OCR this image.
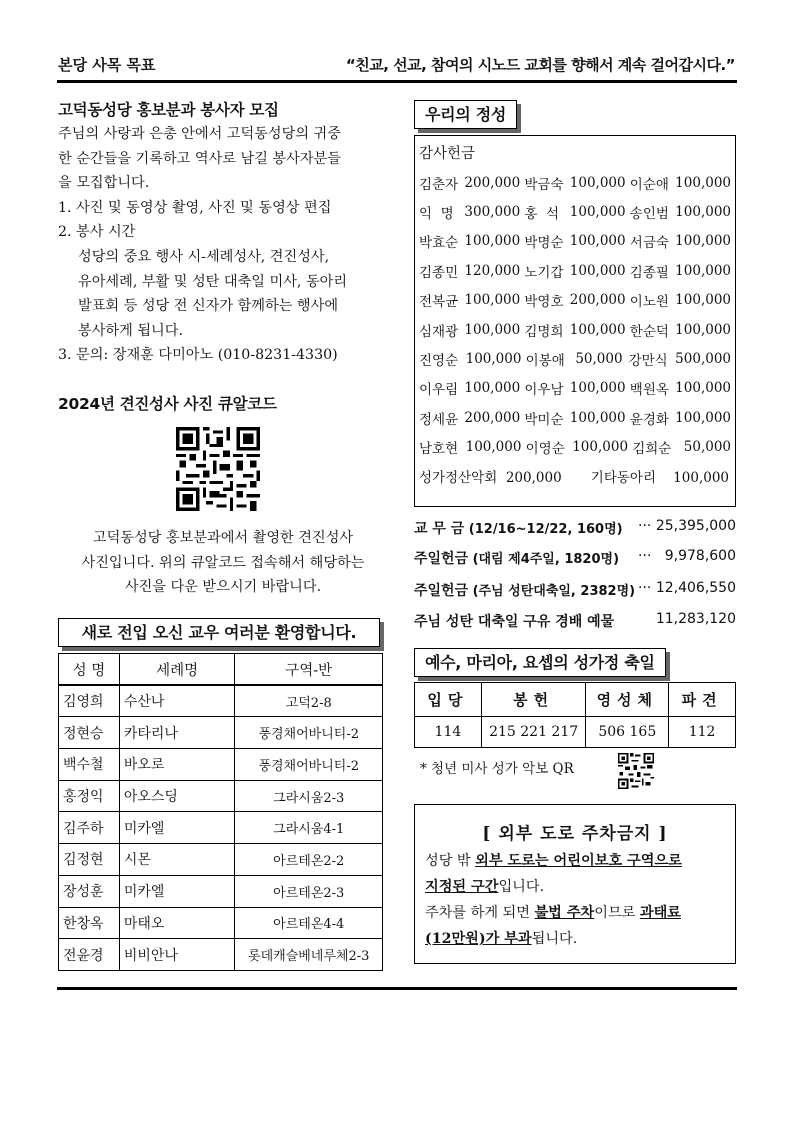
본당 사목 목표	“친교, 선교, 참여의 시노드 교회를 향해서 계속 걸어갑시다.”
고덕동성당 홍보분과 봉사자 모집
주님의 사랑과 은총 안에서 고덕동성당의 귀중
한 순간들을 기록하고 역사로 남길 봉사자분들
을 모집합니다.
1. 사진 및 동영상 촬영, 사진 및 동영상 편집
2. 봉사 시간
성당의 중요 행사 시-세례성사, 견진성사,
유아세례, 부활 및 성탄 대축일 미사, 동아리
발표회 등 성당 전 신자가 함께하는 행사에
봉사하게 됩니다.
3. 문의: 장재훈 다미아노 (010-8231-4330)
2024년 견진성사 사진 큐알코드
고덕동성당 홍보분과에서 촬영한 견진성사
사진입니다. 위의 큐알코드 접속해서 해당하는
사진을 다운 받으시기 바랍니다.
새로 전입 오신 교우 여러분 환영합니다.
성 명	세례명	구역-반
김영희	수산나	고덕2-8
정현승	카타리나	풍경채어바니티-2
백수철	바오로	풍경채어바니티-2
홍정익	아오스딩	그라시움2-3
김주하	미카엘	그라시움4-1
김정현	시몬	아르테온2-2
장성훈	미카엘	아르테온2-3
한창옥	마태오	아르테온4-4
전윤경	비비안나	롯데캐슬베네루체2-3
우리의 정성
감사헌금
김춘자 200,000 박금숙 100,000 이순애 100,000
익  명 300,000 홍  석 100,000 송인범 100,000
박효순 100,000 박명순 100,000 서금숙 100,000
김종민 120,000 노기갑 100,000 김종필 100,000
전복균 100,000 박영호 200,000 이노원 100,000
심재광 100,000 김명희 100,000 한순덕 100,000
진영순 100,000 이봉애 50,000 강만식 500,000
이우림 100,000 이우남 100,000 백원옥 100,000
정세윤 200,000 박미순 100,000 윤경화 100,000
남호현 100,000 이영순 100,000 김희순 50,000
성가정산악회 200,000 기타동아리 100,000
교 무 금 (12/16~12/22, 160명) ··· 25,395,000
주일헌금 (대림 제4주일, 1820명) ···   9,978,600
주일헌금 (주님 성탄대축일, 2382명) ··· 12,406,550
주님 성탄 대축일 구유 경배 예물	11,283,120
예수, 마리아, 요셉의 성가정 축일
입당	봉헌	영성체	파견
114	215 221 217	506 165	112
* 청년 미사 성가 악보 QR
[ 외부 도로 주차금지 ]
성당 밖 외부 도로는 어린이보호 구역으로
지정된 구간입니다.
주차를 하게 되면 불법 주차이므로 과태료
(12만원)가 부과됩니다.
